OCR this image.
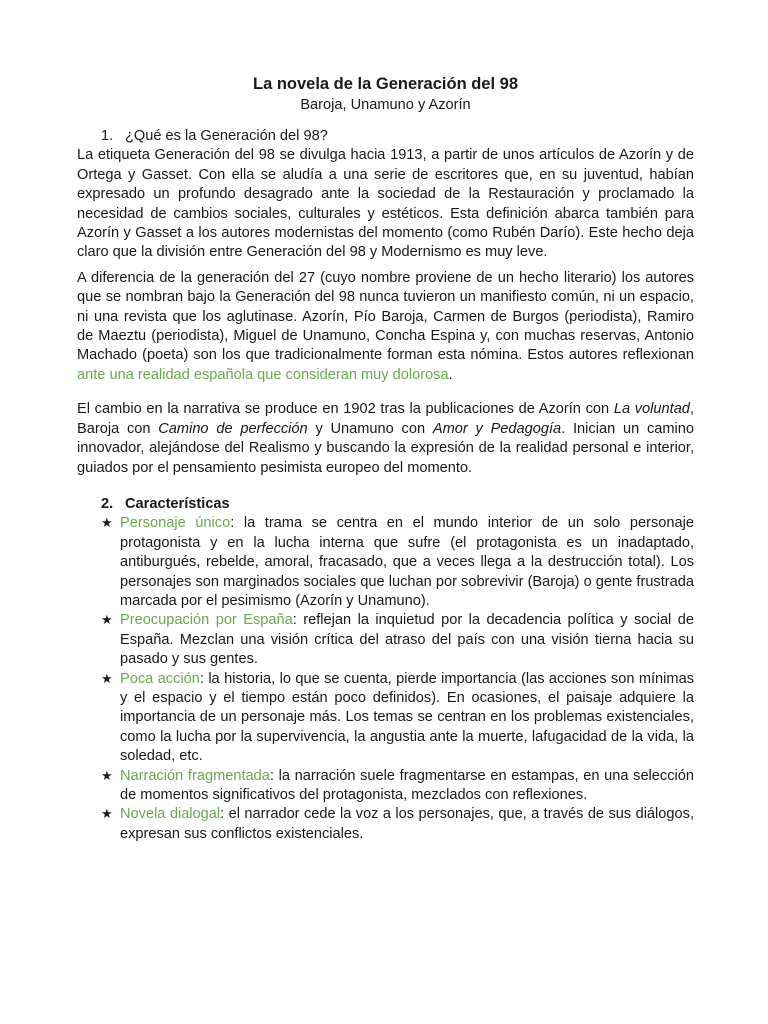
La novela de la Generación del 98
Baroja, Unamuno y Azorín
1. ¿Qué es la Generación del 98?

La etiqueta Generación del 98 se divulga hacia 1913, a partir de unos artículos de Azorín y de Ortega y Gasset. Con ella se aludía a una serie de escritores que, en su juventud, habían expresado un profundo desagrado ante la sociedad de la Restauración y proclamado la necesidad de cambios sociales, culturales y estéticos. Esta definición abarca también para Azorín y Gasset a los autores modernistas del momento (como Rubén Darío). Este hecho deja claro que la división entre Generación del 98 y Modernismo es muy leve.

A diferencia de la generación del 27 (cuyo nombre proviene de un hecho literario) los autores que se nombran bajo la Generación del 98 nunca tuvieron un manifiesto común, ni un espacio, ni una revista que los aglutinase. Azorín, Pío Baroja, Carmen de Burgos (periodista), Ramiro de Maeztu (periodista), Miguel de Unamuno, Concha Espina y, con muchas reservas, Antonio Machado (poeta) son los que tradicionalmente forman esta nómina. Estos autores reflexionan ante una realidad española que consideran muy dolorosa.

El cambio en la narrativa se produce en 1902 tras la publicaciones de Azorín con La voluntad, Baroja con Camino de perfección y Unamuno con Amor y Pedagogía. Inician un camino innovador, alejándose del Realismo y buscando la expresión de la realidad personal e interior, guiados por el pensamiento pesimista europeo del momento.

2. Características
★ Personaje único: la trama se centra en el mundo interior de un solo personaje protagonista y en la lucha interna que sufre (el protagonista es un inadaptado, antiburgués, rebelde, amoral, fracasado, que a veces llega a la destrucción total). Los personajes son marginados sociales que luchan por sobrevivir (Baroja) o gente frustrada marcada por el pesimismo (Azorín y Unamuno).
★ Preocupación por España: reflejan la inquietud por la decadencia política y social de España. Mezclan una visión crítica del atraso del país con una visión tierna hacia su pasado y sus gentes.
★ Poca acción: la historia, lo que se cuenta, pierde importancia (las acciones son mínimas y el espacio y el tiempo están poco definidos). En ocasiones, el paisaje adquiere la importancia de un personaje más. Los temas se centran en los problemas existenciales, como la lucha por la supervivencia, la angustia ante la muerte, lafugacidad de la vida, la soledad, etc.
★ Narración fragmentada: la narración suele fragmentarse en estampas, en una selección de momentos significativos del protagonista, mezclados con reflexiones.
★ Novela dialogal: el narrador cede la voz a los personajes, que, a través de sus diálogos, expresan sus conflictos existenciales.
